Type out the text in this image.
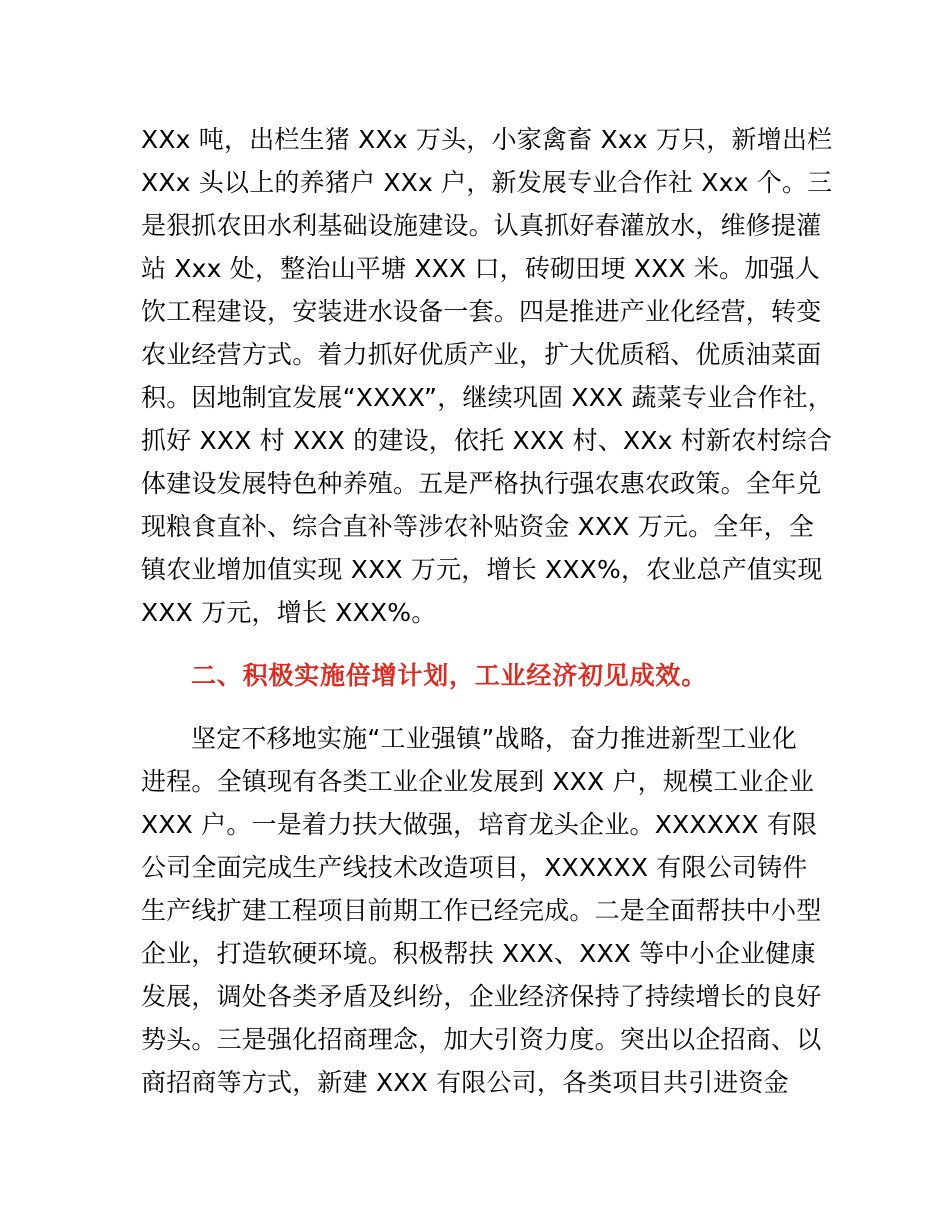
XXx 吨，出栏生猪 XXx 万头，小家禽畜 Xxx 万只，新增出栏
XXx 头以上的养猪户 XXx 户，新发展专业合作社 Xxx 个。三
是狠抓农田水利基础设施建设。认真抓好春灌放水，维修提灌
站 Xxx 处，整治山平塘 XXX 口，砖砌田埂 XXX 米。加强人
饮工程建设，安装进水设备一套。四是推进产业化经营，转变
农业经营方式。着力抓好优质产业，扩大优质稻、优质油菜面
积。因地制宜发展“XXXX”，继续巩固 XXX 蔬菜专业合作社，
抓好 XXX 村 XXX 的建设，依托 XXX 村、XXx 村新农村综合
体建设发展特色种养殖。五是严格执行强农惠农政策。全年兑
现粮食直补、综合直补等涉农补贴资金 XXX 万元。全年，全
镇农业增加值实现 XXX 万元，增长 XXX%，农业总产值实现
XXX 万元，增长 XXX%。
二、积极实施倍增计划，工业经济初见成效。
坚定不移地实施“工业强镇”战略，奋力推进新型工业化
进程。全镇现有各类工业企业发展到 XXX 户，规模工业企业
XXX 户。一是着力扶大做强，培育龙头企业。XXXXXX 有限
公司全面完成生产线技术改造项目，XXXXXX 有限公司铸件
生产线扩建工程项目前期工作已经完成。二是全面帮扶中小型
企业，打造软硬环境。积极帮扶 XXX、XXX 等中小企业健康
发展，调处各类矛盾及纠纷，企业经济保持了持续增长的良好
势头。三是强化招商理念，加大引资力度。突出以企招商、以
商招商等方式，新建 XXX 有限公司，各类项目共引进资金
